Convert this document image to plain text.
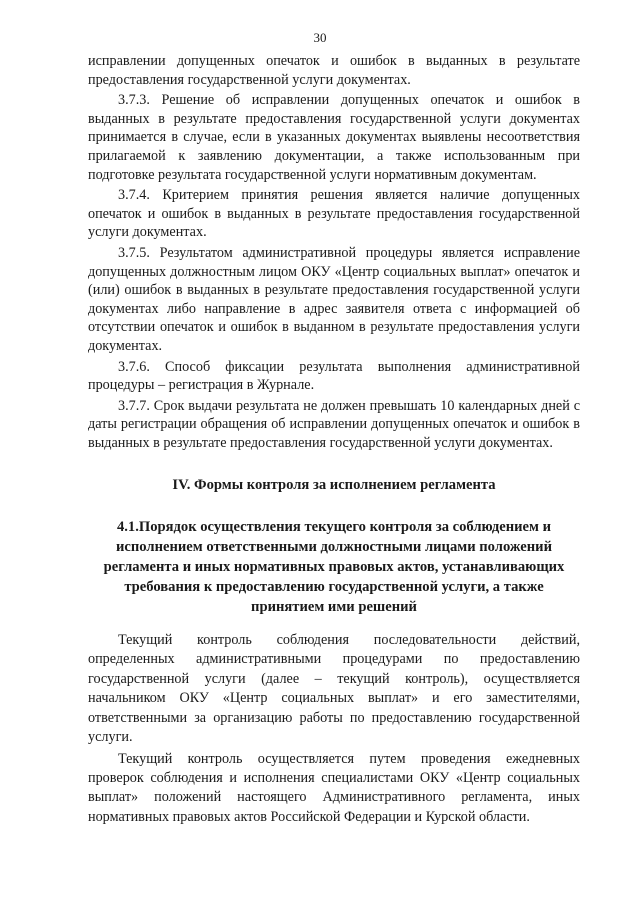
30

исправлении допущенных опечаток и ошибок в выданных в результате предоставления государственной услуги документах.

3.7.3. Решение об исправлении допущенных опечаток и ошибок в выданных в результате предоставления государственной услуги документах принимается в случае, если в указанных документах выявлены несоответствия прилагаемой к заявлению документации, а также использованным при подготовке результата государственной услуги нормативным документам.

3.7.4. Критерием принятия решения является наличие допущенных опечаток и ошибок в выданных в результате предоставления государственной услуги документах.

3.7.5. Результатом административной процедуры является исправление допущенных должностным лицом ОКУ «Центр социальных выплат» опечаток и (или) ошибок в выданных в результате предоставления государственной услуги документах либо направление в адрес заявителя ответа с информацией об отсутствии опечаток и ошибок в выданном в результате предоставления услуги документах.

3.7.6. Способ фиксации результата выполнения административной процедуры – регистрация в Журнале.

3.7.7. Срок выдачи результата не должен превышать 10 календарных дней с даты регистрации обращения об исправлении допущенных опечаток и ошибок в выданных в результате предоставления государственной услуги документах.

IV. Формы контроля за исполнением регламента

4.1.Порядок осуществления текущего контроля за соблюдением и исполнением ответственными должностными лицами положений регламента и иных нормативных правовых актов, устанавливающих требования к предоставлению государственной услуги, а также принятием ими решений

Текущий контроль соблюдения последовательности действий, определенных административными процедурами по предоставлению государственной услуги (далее – текущий контроль), осуществляется начальником ОКУ «Центр социальных выплат» и его заместителями, ответственными за организацию работы по предоставлению государственной услуги.

Текущий контроль осуществляется путем проведения ежедневных проверок соблюдения и исполнения специалистами ОКУ «Центр социальных выплат» положений настоящего Административного регламента, иных нормативных правовых актов Российской Федерации и Курской области.
